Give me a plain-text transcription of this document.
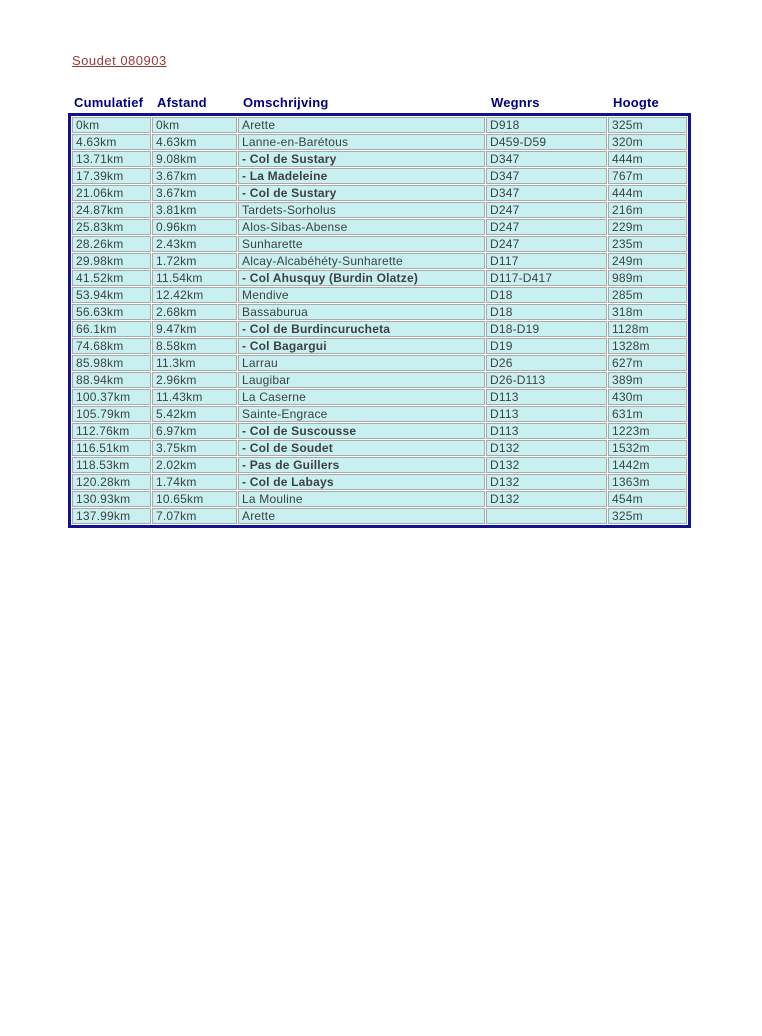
Soudet 080903
Cumulatief	Afstand	Omschrijving	Wegnrs	Hoogte
0km	0km	Arette	D918	325m
4.63km	4.63km	Lanne-en-Barétous	D459-D59	320m
13.71km	9.08km	- Col de Sustary	D347	444m
17.39km	3.67km	- La Madeleine	D347	767m
21.06km	3.67km	- Col de Sustary	D347	444m
24.87km	3.81km	Tardets-Sorholus	D247	216m
25.83km	0.96km	Alos-Sibas-Abense	D247	229m
28.26km	2.43km	Sunharette	D247	235m
29.98km	1.72km	Alcay-Alcabéhéty-Sunharette	D117	249m
41.52km	11.54km	- Col Ahusquy (Burdin Olatze)	D117-D417	989m
53.94km	12.42km	Mendive	D18	285m
56.63km	2.68km	Bassaburua	D18	318m
66.1km	9.47km	- Col de Burdincurucheta	D18-D19	1128m
74.68km	8.58km	- Col Bagargui	D19	1328m
85.98km	11.3km	Larrau	D26	627m
88.94km	2.96km	Laugibar	D26-D113	389m
100.37km	11.43km	La Caserne	D113	430m
105.79km	5.42km	Sainte-Engrace	D113	631m
112.76km	6.97km	- Col de Suscousse	D113	1223m
116.51km	3.75km	- Col de Soudet	D132	1532m
118.53km	2.02km	- Pas de Guillers	D132	1442m
120.28km	1.74km	- Col de Labays	D132	1363m
130.93km	10.65km	La Mouline	D132	454m
137.99km	7.07km	Arette		325m
